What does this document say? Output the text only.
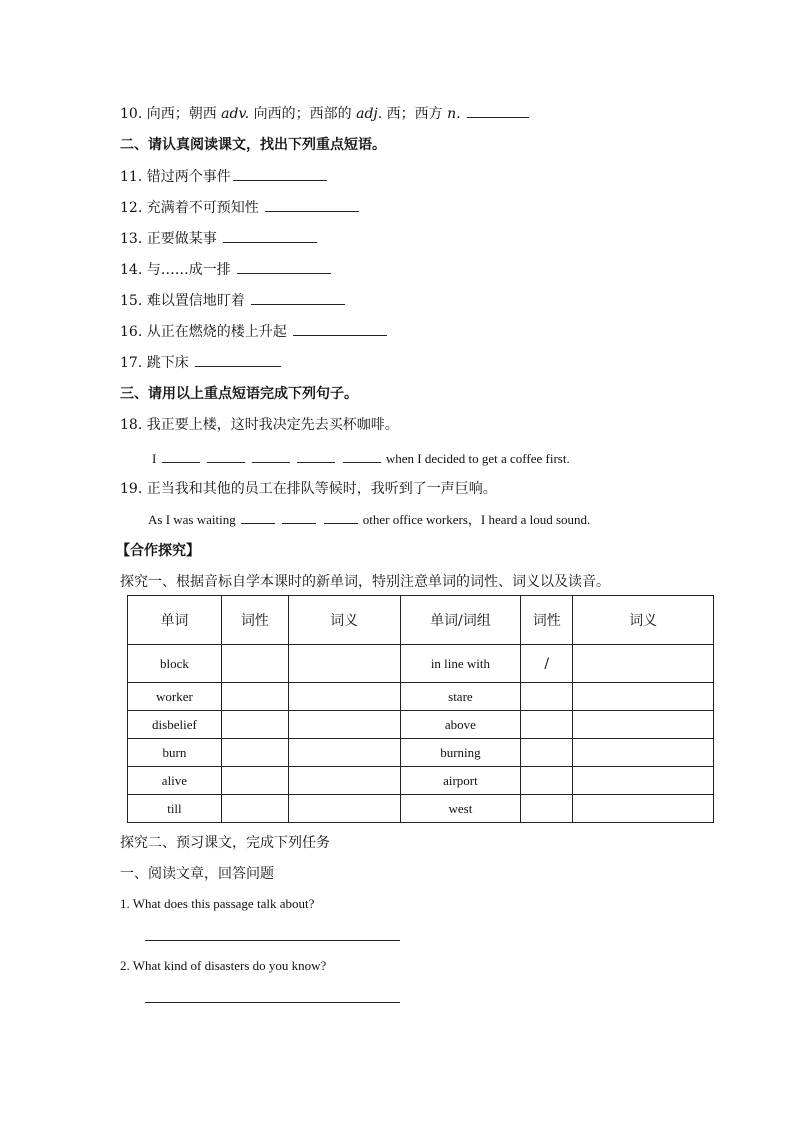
10. 向西；朝西 adv. 向西的；西部的 adj. 西；西方 n.
二、请认真阅读课文，找出下列重点短语。
11. 错过两个事件
12. 充满着不可预知性
13. 正要做某事
14. 与……成一排
15. 难以置信地盯着
16. 从正在燃烧的楼上升起
17. 跳下床
三、请用以上重点短语完成下列句子。
18. 我正要上楼，这时我决定先去买杯咖啡。
I	when I decided to get a coffee first.
19. 正当我和其他的员工在排队等候时，我听到了一声巨响。
As I was waiting	other office workers，I heard a loud sound.
【合作探究】
探究一、根据音标自学本课时的新单词，特别注意单词的词性、词义以及读音。
单词	词性	词义	单词/词组	词性	词义
block			in line with	/	
worker			stare		
disbelief			above		
burn			burning		
alive			airport		
till			west		
探究二、预习课文，完成下列任务
一、阅读文章，回答问题
1. What does this passage talk about?
2. What kind of disasters do you know?
